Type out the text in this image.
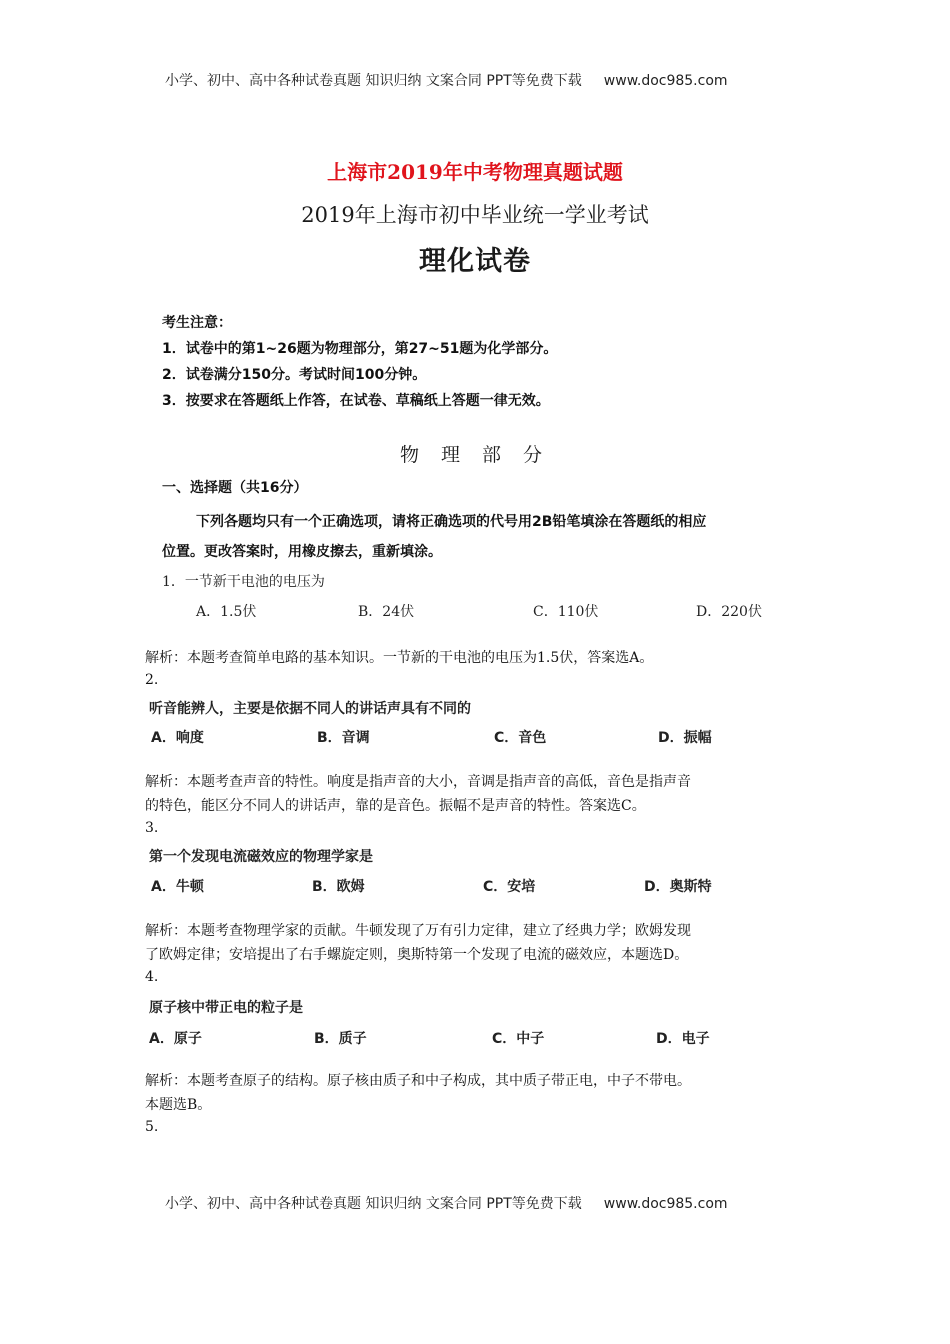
小学、初中、高中各种试卷真题 知识归纳 文案合同 PPT等免费下载 www.doc985.com
上海市2019年中考物理真题试题
2019年上海市初中毕业统一学业考试
理化试卷
考生注意：
1．试卷中的第1~26题为物理部分，第27~51题为化学部分。
2．试卷满分150分。考试时间100分钟。
3．按要求在答题纸上作答，在试卷、草稿纸上答题一律无效。
物理部分
一、选择题（共16分）
下列各题均只有一个正确选项，请将正确选项的代号用2B铅笔填涂在答题纸的相应
位置。更改答案时，用橡皮擦去，重新填涂。
1．一节新干电池的电压为
A．1.5伏	B．24伏	C．110伏	D．220伏
解析：本题考查简单电路的基本知识。一节新的干电池的电压为1.5伏，答案选A。
2.
听音能辨人，主要是依据不同人的讲话声具有不同的
A．响度	B．音调	C．音色	D．振幅
解析：本题考查声音的特性。响度是指声音的大小，音调是指声音的高低，音色是指声音
的特色，能区分不同人的讲话声，靠的是音色。振幅不是声音的特性。答案选C。
3.
第一个发现电流磁效应的物理学家是
A．牛顿	B．欧姆	C．安培	D．奥斯特
解析：本题考查物理学家的贡献。牛顿发现了万有引力定律，建立了经典力学；欧姆发现
了欧姆定律；安培提出了右手螺旋定则，奥斯特第一个发现了电流的磁效应，本题选D。
4.
原子核中带正电的粒子是
A．原子	B．质子	C．中子	D．电子
解析：本题考查原子的结构。原子核由质子和中子构成，其中质子带正电，中子不带电。
本题选B。
5.
小学、初中、高中各种试卷真题 知识归纳 文案合同 PPT等免费下载 www.doc985.com
